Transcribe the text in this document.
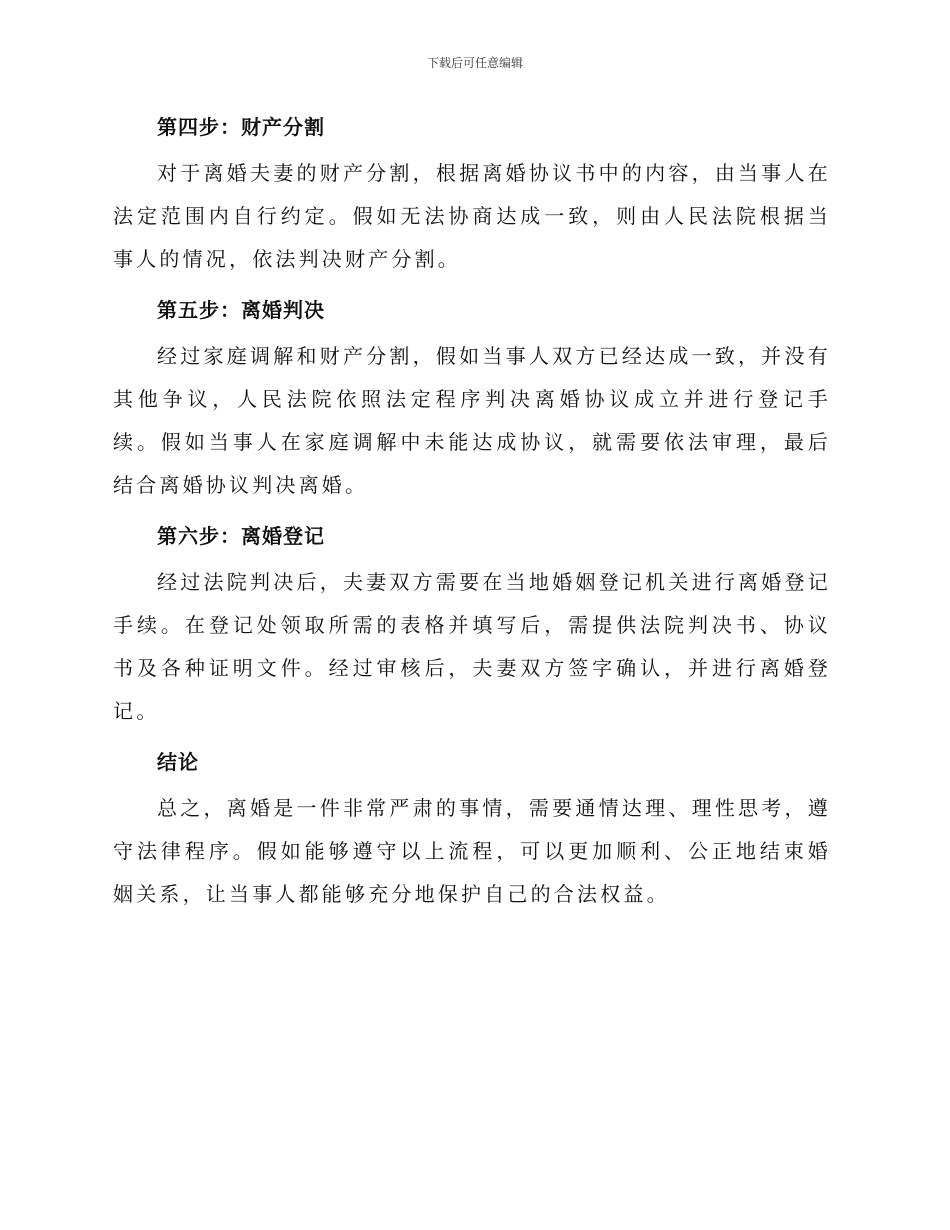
下载后可任意编辑
第四步：财产分割

对于离婚夫妻的财产分割，根据离婚协议书中的内容，由当事人在法定范围内自行约定。假如无法协商达成一致，则由人民法院根据当事人的情况，依法判决财产分割。

第五步：离婚判决

经过家庭调解和财产分割，假如当事人双方已经达成一致，并没有其他争议，人民法院依照法定程序判决离婚协议成立并进行登记手续。假如当事人在家庭调解中未能达成协议，就需要依法审理，最后结合离婚协议判决离婚。

第六步：离婚登记

经过法院判决后，夫妻双方需要在当地婚姻登记机关进行离婚登记手续。在登记处领取所需的表格并填写后，需提供法院判决书、协议书及各种证明文件。经过审核后，夫妻双方签字确认，并进行离婚登记。

结论

总之，离婚是一件非常严肃的事情，需要通情达理、理性思考，遵守法律程序。假如能够遵守以上流程，可以更加顺利、公正地结束婚姻关系，让当事人都能够充分地保护自己的合法权益。
